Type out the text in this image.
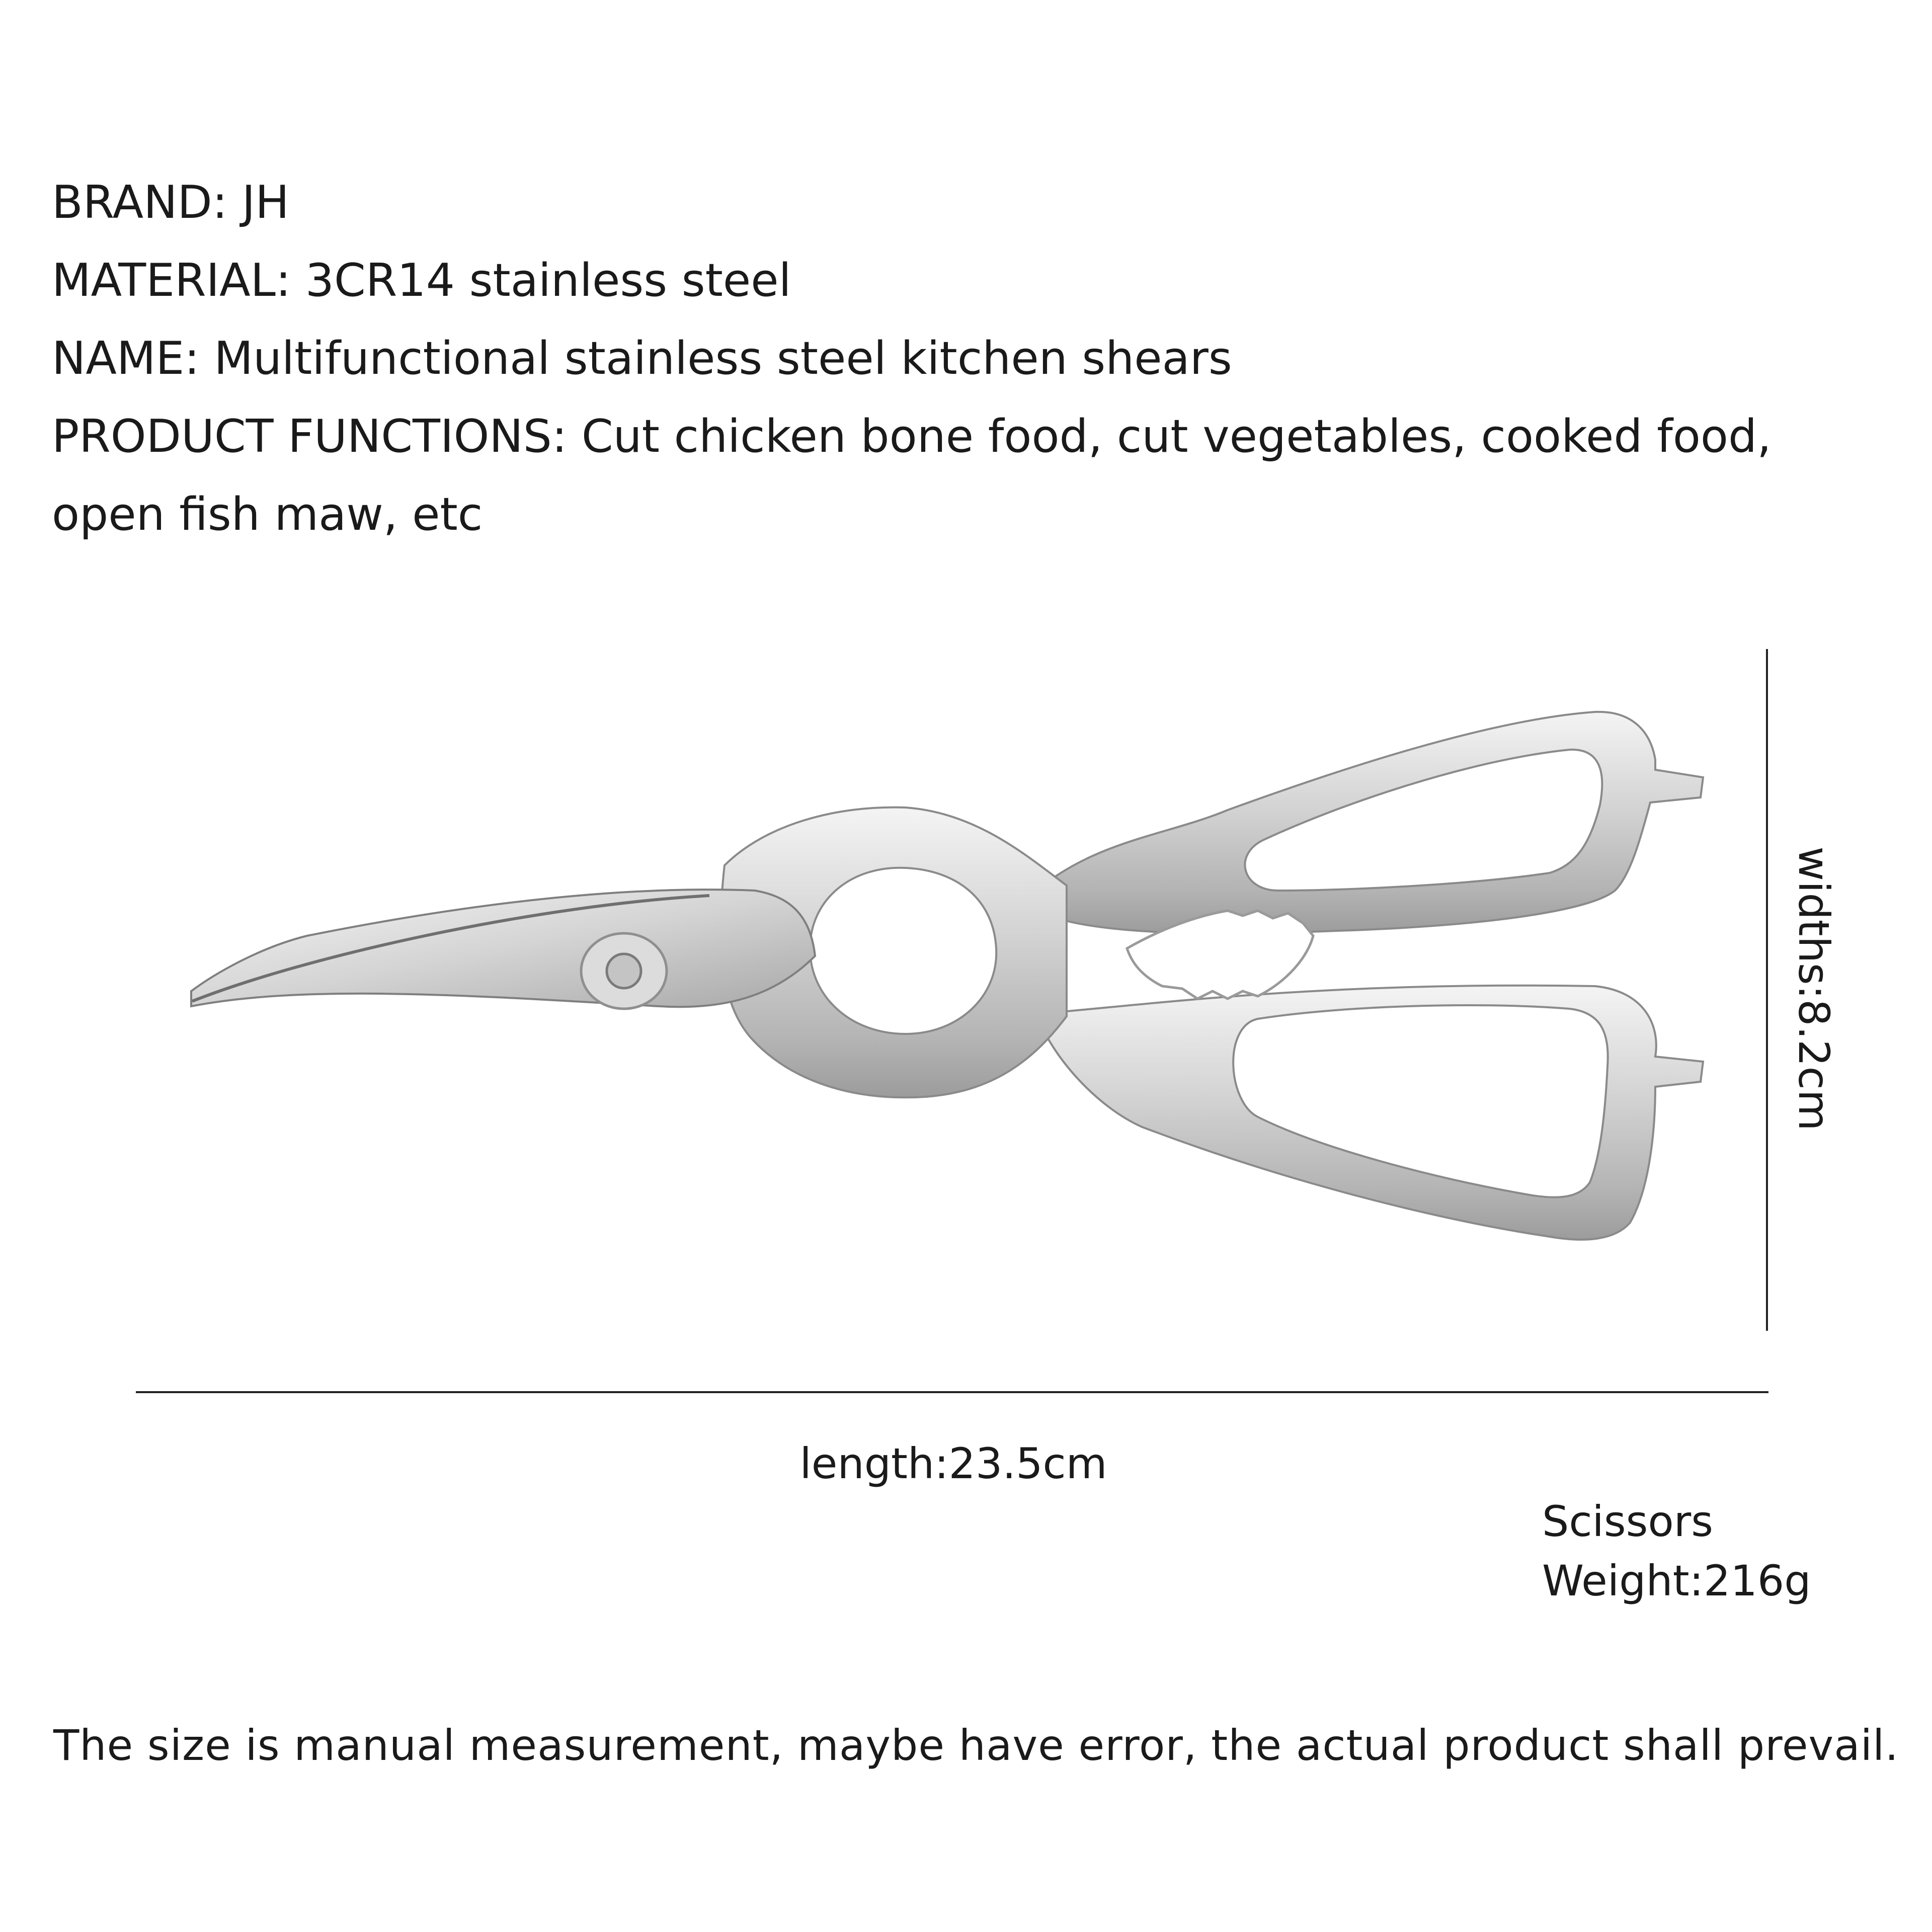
BRAND: JH
MATERIAL: 3CR14 stainless steel
NAME: Multifunctional stainless steel kitchen shears
PRODUCT FUNCTIONS: Cut chicken bone food, cut vegetables, cooked food, open fish maw, etc
widths:8.2cm
length:23.5cm
Scissors
Weight:216g
The size is manual measurement, maybe have error, the actual product shall prevail.
